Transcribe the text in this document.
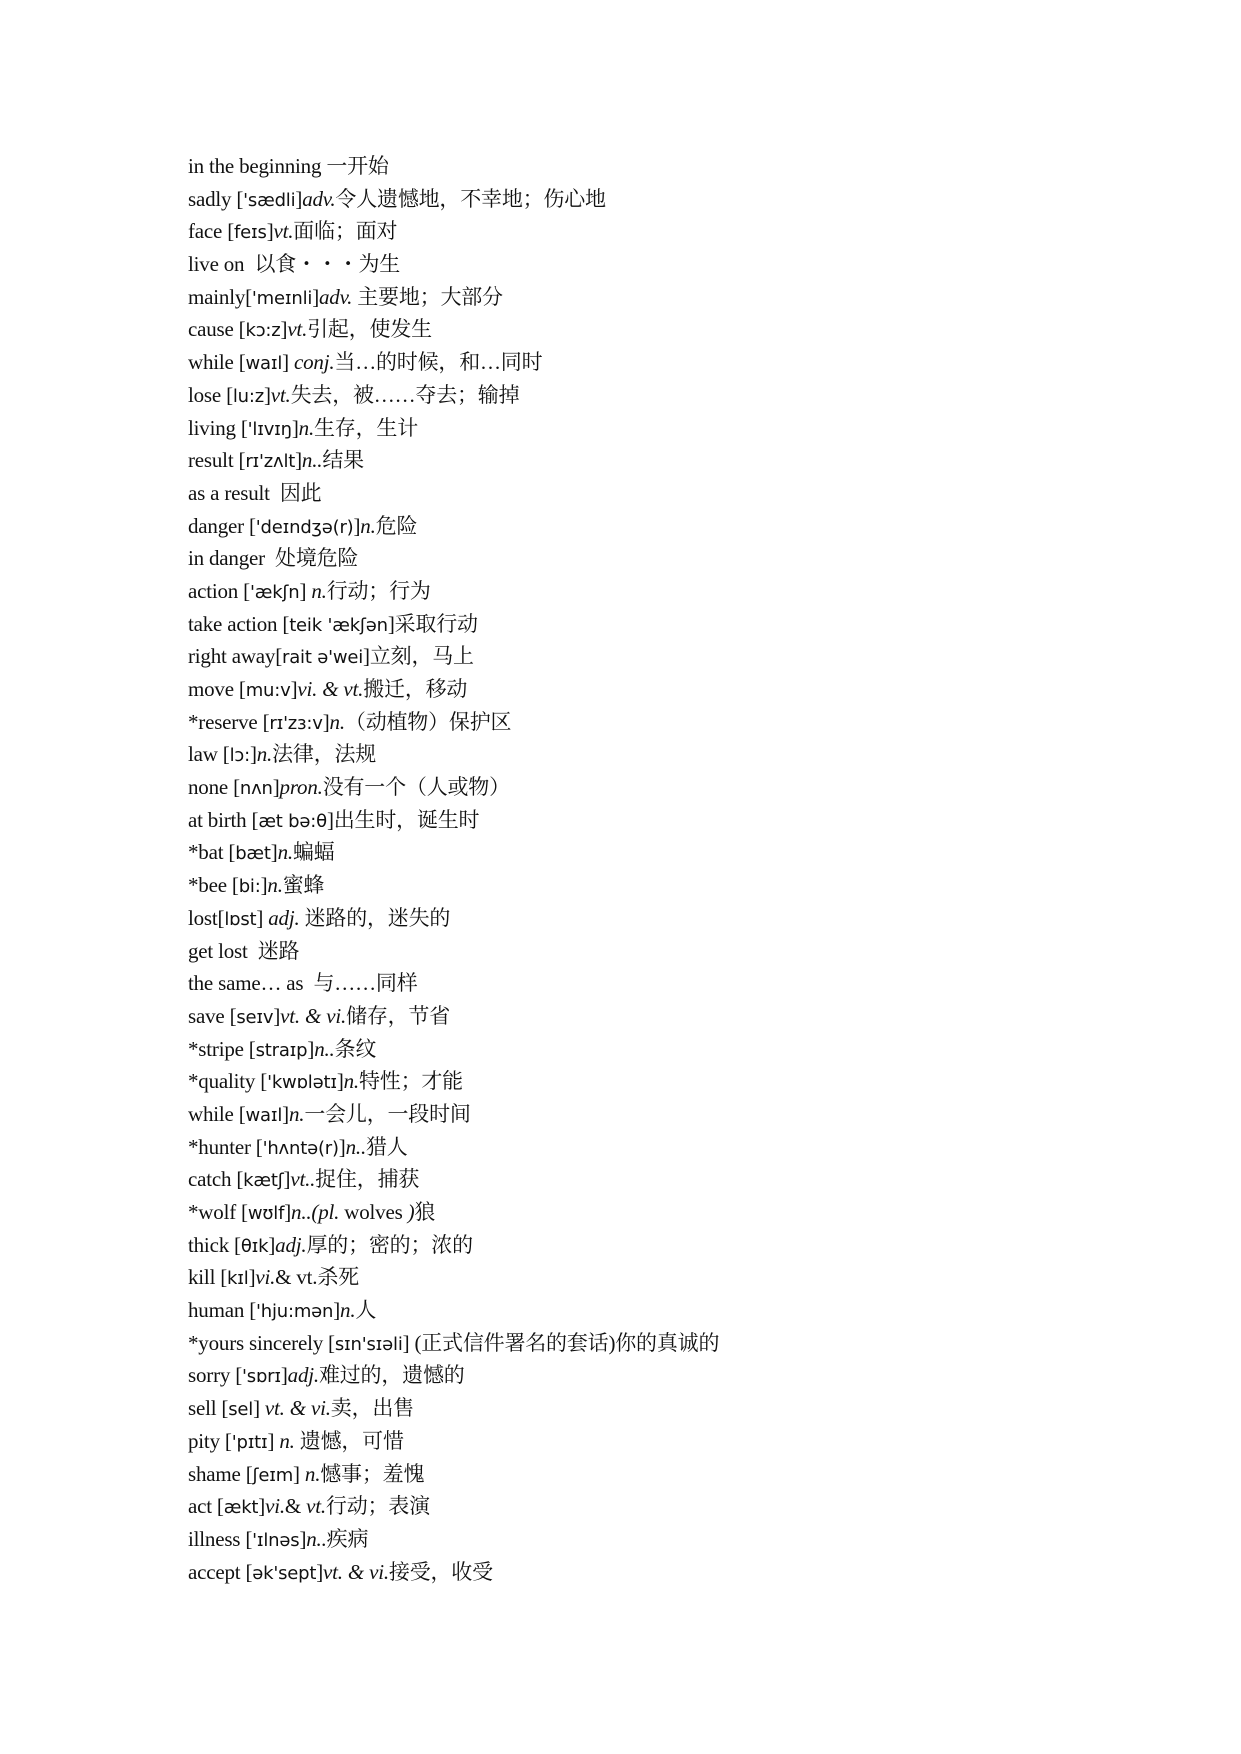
in the beginning 一开始
sadly ['sædli]adv.令人遗憾地，不幸地；伤心地
face [feɪs]vt.面临；面对
live on  以食・・・为生
mainly['meɪnli]adv. 主要地；大部分
cause [kɔ:z]vt.引起，使发生
while [waɪl] conj.当…的时候，和…同时
lose [lu:z]vt.失去，被……夺去；输掉
living ['lɪvɪŋ]n.生存，生计
result [rɪ'zʌlt]n..结果
as a result  因此
danger ['deɪndʒə(r)]n.危险
in danger  处境危险
action ['ækʃn] n.行动；行为
take action [teik 'ækʃən]采取行动
right away[rait ə'wei]立刻，马上
move [mu:v]vi. & vt.搬迁，移动
*reserve [rɪ'zɜ:v]n.（动植物）保护区
law [lɔ:]n.法律，法规
none [nʌn]pron.没有一个（人或物）
at birth [æt bə:θ]出生时，诞生时
*bat [bæt]n.蝙蝠
*bee [bi:]n.蜜蜂
lost[lɒst] adj. 迷路的，迷失的
get lost  迷路
the same… as  与……同样
save [seɪv]vt. & vi.储存，节省
*stripe [straɪp]n..条纹
*quality ['kwɒlətɪ]n.特性；才能
while [waɪl]n.一会儿，一段时间
*hunter ['hʌntə(r)]n..猎人
catch [kætʃ]vt..捉住，捕获
*wolf [wʊlf]n..(pl. wolves )狼
thick [θɪk]adj.厚的；密的；浓的
kill [kɪl]vi.& vt.杀死
human ['hju:mən]n.人
*yours sincerely [sɪn'sɪəli] (正式信件署名的套话)你的真诚的
sorry ['sɒrɪ]adj.难过的，遗憾的
sell [sel] vt. & vi.卖，出售
pity ['pɪtɪ] n. 遗憾，可惜
shame [ʃeɪm] n.憾事；羞愧
act [ækt]vi.& vt.行动；表演
illness ['ɪlnəs]n..疾病
accept [ək'sept]vt. & vi.接受，收受
